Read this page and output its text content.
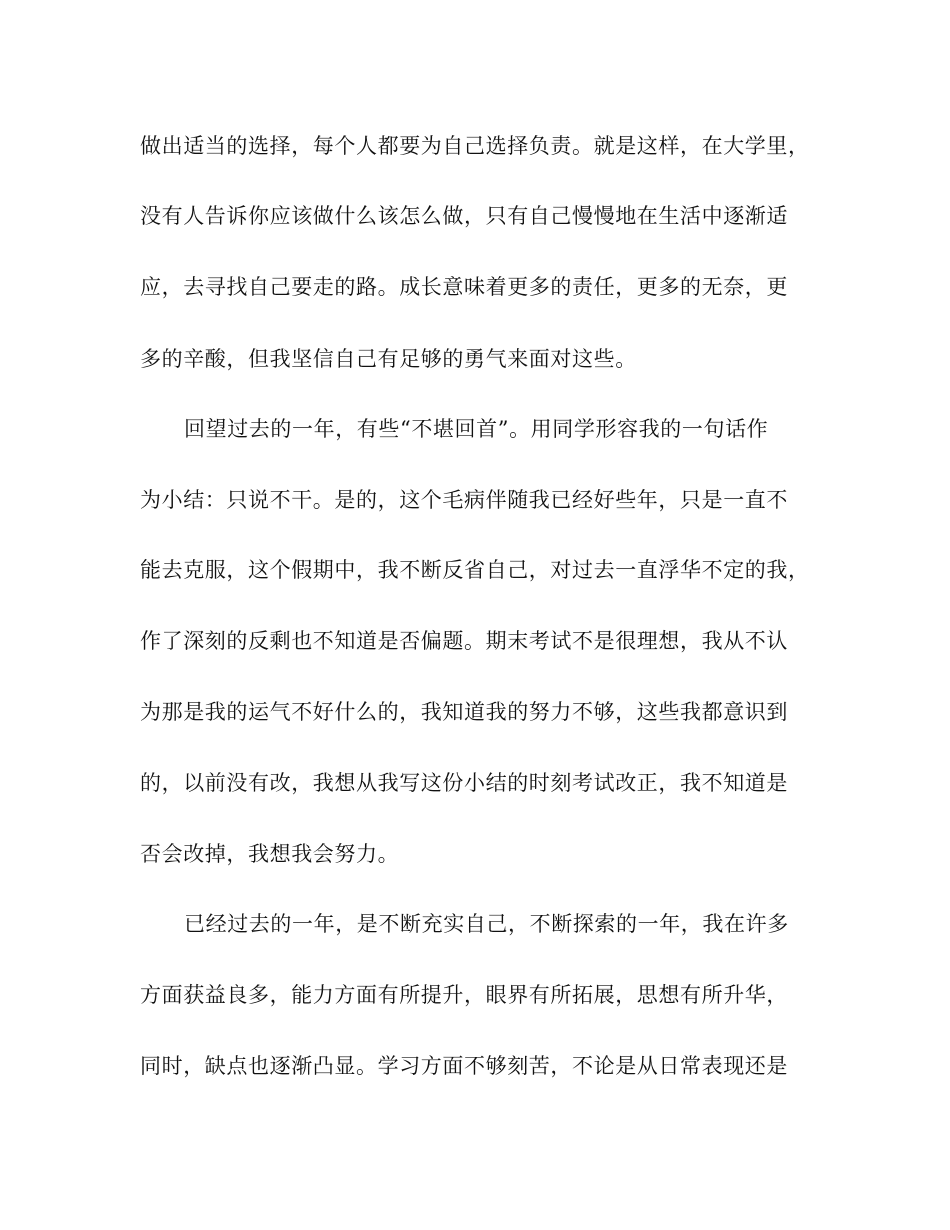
做出适当的选择，每个人都要为自己选择负责。就是这样，在大学里，
没有人告诉你应该做什么该怎么做，只有自己慢慢地在生活中逐渐适
应，去寻找自己要走的路。成长意味着更多的责任，更多的无奈，更
多的辛酸，但我坚信自己有足够的勇气来面对这些。
回望过去的一年，有些“不堪回首”。用同学形容我的一句话作
为小结：只说不干。是的，这个毛病伴随我已经好些年，只是一直不
能去克服，这个假期中，我不断反省自己，对过去一直浮华不定的我，
作了深刻的反剩也不知道是否偏题。期末考试不是很理想，我从不认
为那是我的运气不好什么的，我知道我的努力不够，这些我都意识到
的，以前没有改，我想从我写这份小结的时刻考试改正，我不知道是
否会改掉，我想我会努力。
已经过去的一年，是不断充实自己，不断探索的一年，我在许多
方面获益良多，能力方面有所提升，眼界有所拓展，思想有所升华，
同时，缺点也逐渐凸显。学习方面不够刻苦，不论是从日常表现还是
